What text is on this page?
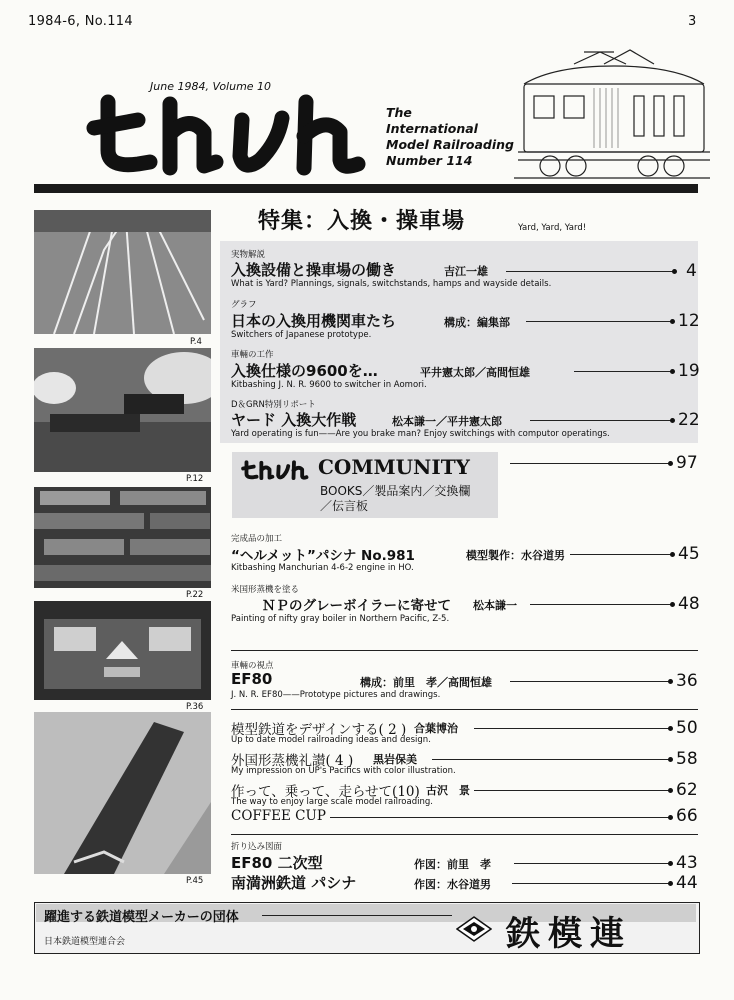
1984-6, No.114	3
June 1984, Volume 10
The
International
Model Railroading
Number 114
P.4
P.12
P.22
P.36
P.45
特集：入換・操車場	Yard, Yard, Yard!
実物解説
入換設備と操車場の働き	吉江一雄	4
What is Yard? Plannings, signals, switchstands, hamps and wayside details.
グラフ
日本の入換用機関車たち	構成：編集部	12
Switchers of Japanese prototype.
車輛の工作
入換仕様の9600を…	平井憲太郎／高間恒雄	19
Kitbashing J. N. R. 9600 to switcher in Aomori.
D＆GRN特別リポート
ヤード 入換大作戦	松本謙一／平井憲太郎	22
Yard operating is fun——Are you brake man? Enjoy switchings with computor operatings.
COMMUNITY
BOOKS／製品案内／交換欄
／伝言板
97
完成品の加工
“ヘルメット”パシナ No.981	模型製作：水谷道男	45
Kitbashing Manchurian 4-6-2 engine in HO.
米国形蒸機を塗る
ＮＰのグレーボイラーに寄せて 松本謙一	48
Painting of nifty gray boiler in Northern Pacific, Z-5.
車輛の視点
EF80	構成：前里　孝／高間恒雄	36
J. N. R. EF80——Prototype pictures and drawings.
模型鉄道をデザインする( 2 ) 合葉博治	50
Up to date model railroading ideas and design.
外国形蒸機礼讃( 4 ) 黒岩保美	58
My impression on UP's Pacifics with color illustration.
作って、乗って、走らせて(10) 古沢　景	62
The way to enjoy large scale model railroading.
COFFEE CUP	66
折り込み図面
EF80 二次型	作図：前里　孝	43
南満洲鉄道 パシナ	作図：水谷道男	44
躍進する鉄道模型メーカーの団体
日本鉄道模型連合会	鉄模連
